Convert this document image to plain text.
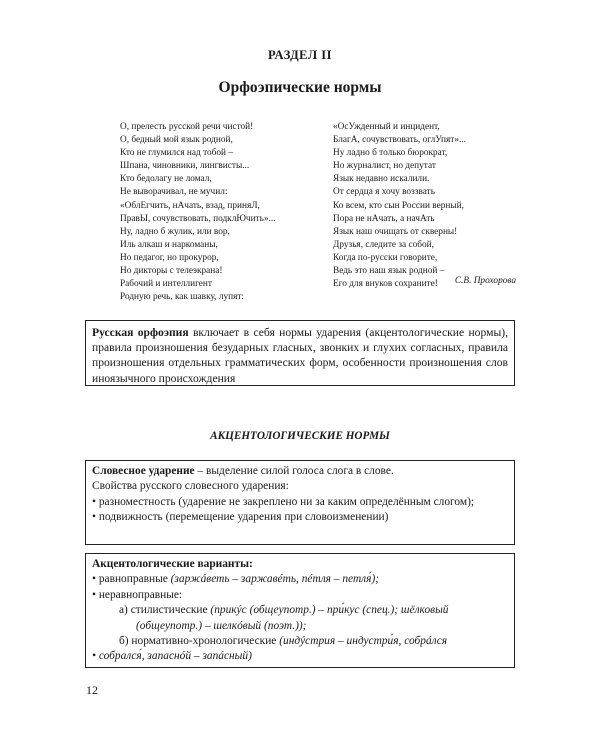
РАЗДЕЛ II
Орфоэпические нормы
О, прелесть русской речи чистой!
О, бедный мой язык родной,
Кто не глумился над тобой –
Шпана, чиновники, лингвисты...
Кто бедолагу не ломал,
Не выворачивал, не мучил:
«ОблЕгчить, нАчать, взад, приняЛ,
ПравЫ, сочувствовать, подклЮчить»...
Ну, ладно б жулик, или вор,
Иль алкаш и наркоманы,
Но педагог, но прокурор,
Но дикторы с телеэкрана!
Рабочий и интеллигент
Родную речь, как шавку, лупят:
«ОсУжденный и инцидент,
БлагА, сочувствовать, оглУпят»...
Ну ладно б только бюрократ,
Но журналист, но депутат
Язык недавно искалили.
От сердца я хочу воззвать
Ко всем, кто сын России верный,
Пора не нАчать, а начАть
Язык наш очищать от скверны!
Друзья, следите за собой,
Когда по-русски говорите,
Ведь это наш язык родной –
Его для внуков сохраните!	С.В. Прохорова
Русская орфоэпия включает в себя нормы ударения (акцентологические нормы), правила произношения безударных гласных, звонких и глухих согласных, правила произношения отдельных грамматических форм, особенности произношения слов иноязычного происхождения
АКЦЕНТОЛОГИЧЕСКИЕ НОРМЫ
Словесное ударение – выделение силой голоса слога в слове.
Свойства русского словесного ударения:
• разноместность (ударение не закреплено ни за каким определённым слогом);
• подвижность (перемещение ударения при словоизменении)
Акцентологические варианты:
• равноправные (заржáветь – заржавéть, пéтля – петля́);
• неравноправные:
а) стилистические (прикýс (общеупотр.) – при́кус (спец.); шёлковый
(общеупотр.) – шелкóвый (поэт.));
б) нормативно-хронологические (индýстрия – индустри́я, собрáлся
• собрался́, запаснóй – запáсный)
12
